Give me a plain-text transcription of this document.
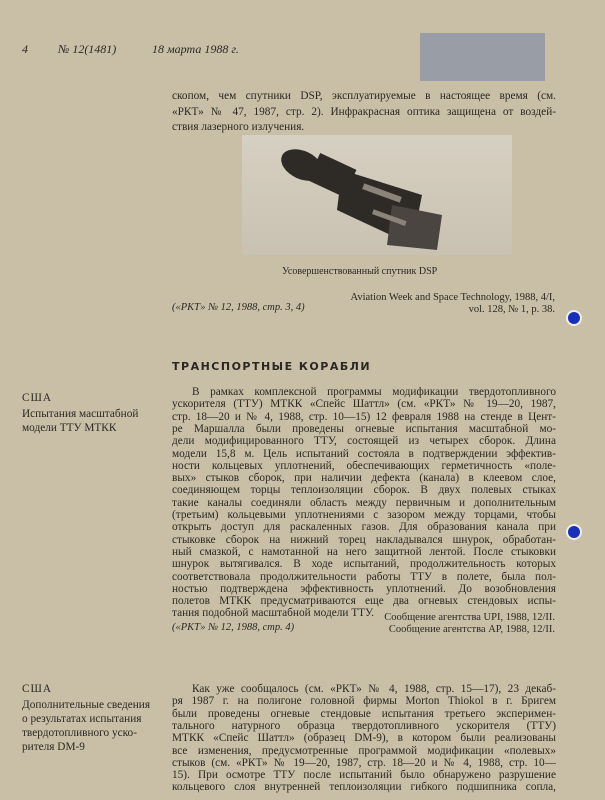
4	№ 12(1481)	18 марта 1988 г.
скопом, чем спутники DSP, эксплуатируемые в настоящее время (см.
«РКТ» № 47, 1987, стр. 2). Инфракрасная оптика защищена от воздей-
ствия лазерного излучения.
Усовершенствованный спутник DSP
(«РКТ» № 12, 1988, стр. 3, 4)
Aviation Week and Space Technology, 1988, 4/I,
vol. 128, № 1, p. 38.
ТРАНСПОРТНЫЕ КОРАБЛИ
США
Испытания масштабной
модели ТТУ МТКК
В рамках комплексной программы модификации твердотопливного
ускорителя (ТТУ) МТКК «Спейс Шаттл» (см. «РКТ» № 19—20, 1987,
стр. 18—20 и № 4, 1988, стр. 10—15) 12 февраля 1988 на стенде в Цент-
ре Маршалла были проведены огневые испытания масштабной мо-
дели модифицированного ТТУ, состоящей из четырех сборок. Длина
модели 15,8 м. Цель испытаний состояла в подтверждении эффектив-
ности кольцевых уплотнений, обеспечивающих герметичность «поле-
вых» стыков сборок, при наличии дефекта (канала) в клеевом слое,
соединяющем торцы теплоизоляции сборок. В двух полевых стыках
такие каналы соединяли область между первичным и дополнительным
(третьим) кольцевыми уплотнениями с зазором между торцами, чтобы
открыть доступ для раскаленных газов. Для образования канала при
стыковке сборок на нижний торец накладывался шнурок, обработан-
ный смазкой, с намотанной на него защитной лентой. После стыковки
шнурок вытягивался. В ходе испытаний, продолжительность которых
соответствовала продолжительности работы ТТУ в полете, была пол-
ностью подтверждена эффективность уплотнений. До возобновления
полетов МТКК предусматриваются еще два огневых стендовых испы-
тания подобной масштабной модели ТТУ.
(«РКТ» № 12, 1988, стр. 4)
Сообщение агентства UPI, 1988, 12/II.
Сообщение агентства AP, 1988, 12/II.
США
Дополнительные сведения
о результатах испытания
твердотопливного уско-
рителя DM-9
Как уже сообщалось (см. «РКТ» № 4, 1988, стр. 15—17), 23 декаб-
ря 1987 г. на полигоне головной фирмы Morton Thiokol в г. Бригем
были проведены огневые стендовые испытания третьего эксперимен-
тального натурного образца твердотопливного ускорителя (ТТУ)
МТКК «Спейс Шаттл» (образец DM-9), в котором были реализованы
все изменения, предусмотренные программой модификации «полевых»
стыков (см. «РКТ» № 19—20, 1987, стр. 18—20 и № 4, 1988, стр. 10—
15). При осмотре ТТУ после испытаний было обнаружено разрушение
кольцевого слоя внутренней теплоизоляции гибкого подшипника сопла,
